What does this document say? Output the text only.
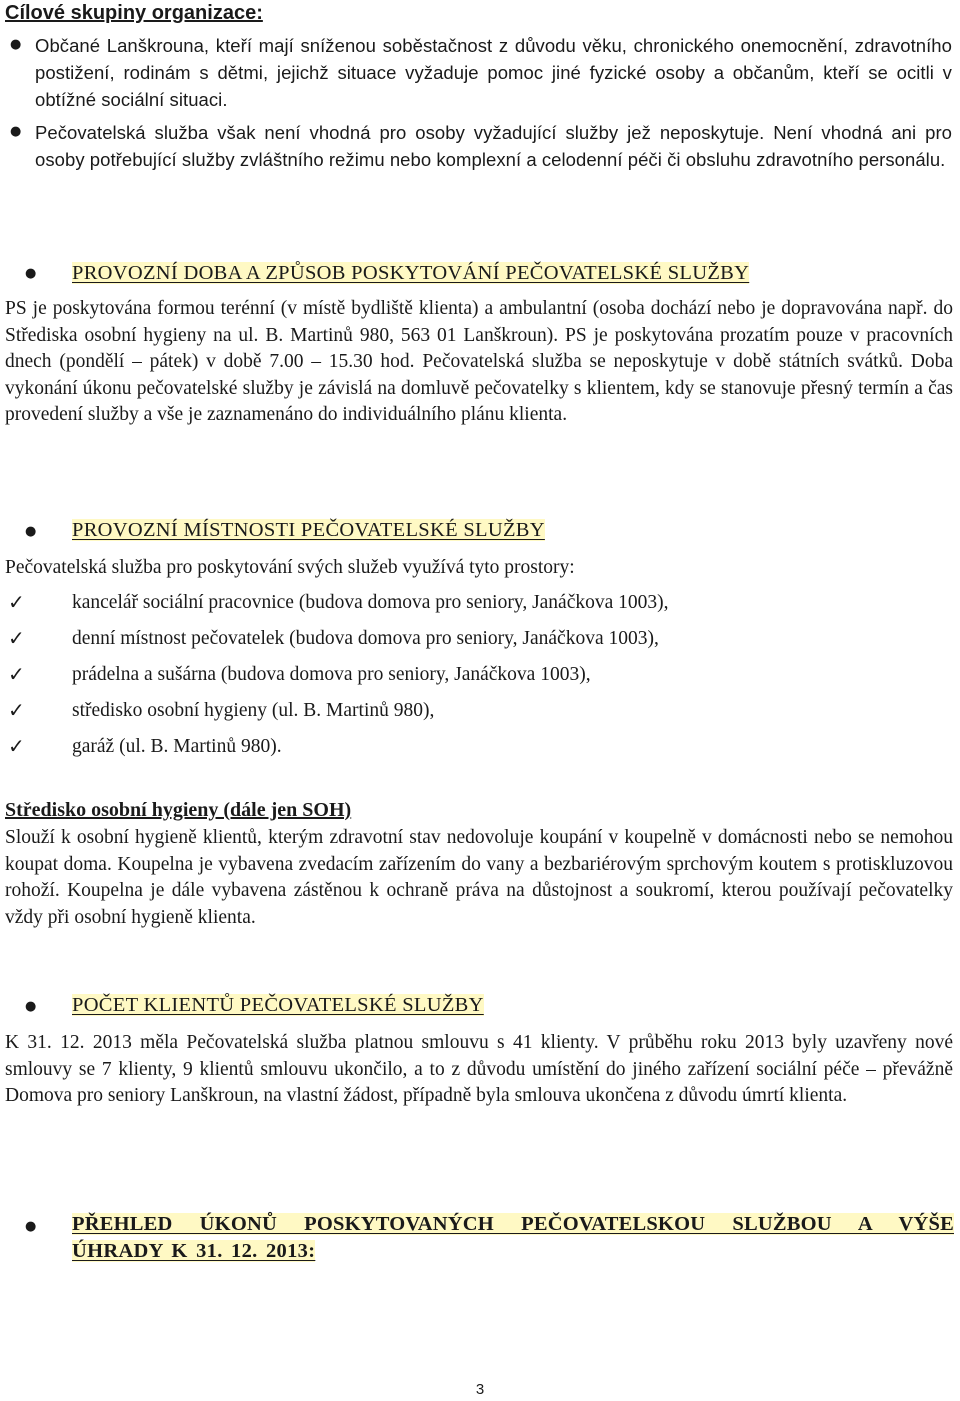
Cílové skupiny organizace:
● Občané Lanškrouna, kteří mají sníženou soběstačnost z důvodu věku, chronického onemocnění, zdravotního postižení, rodinám s dětmi, jejichž situace vyžaduje pomoc jiné fyzické osoby a občanům, kteří se ocitli v obtížné sociální situaci.
● Pečovatelská služba však není vhodná pro osoby vyžadující služby jež neposkytuje. Není vhodná ani pro osoby potřebující služby zvláštního režimu nebo komplexní a celodenní péči či obsluhu zdravotního personálu.
● PROVOZNÍ DOBA A ZPŮSOB POSKYTOVÁNÍ PEČOVATELSKÉ SLUŽBY
PS je poskytována formou terénní (v místě bydliště klienta) a ambulantní (osoba dochází nebo je dopravována např. do Střediska osobní hygieny na ul. B. Martinů 980, 563 01 Lanškroun). PS je poskytována prozatím pouze v pracovních dnech (pondělí – pátek) v době 7.00 – 15.30 hod. Pečovatelská služba se neposkytuje v době státních svátků. Doba vykonání úkonu pečovatelské služby je závislá na domluvě pečovatelky s klientem, kdy se stanovuje přesný termín a čas provedení služby a vše je zaznamenáno do individuálního plánu klienta.
● PROVOZNÍ MÍSTNOSTI PEČOVATELSKÉ SLUŽBY
Pečovatelská služba pro poskytování svých služeb využívá tyto prostory:
✓ kancelář sociální pracovnice (budova domova pro seniory, Janáčkova 1003),
✓ denní místnost pečovatelek (budova domova pro seniory, Janáčkova 1003),
✓ prádelna a sušárna (budova domova pro seniory, Janáčkova 1003),
✓ středisko osobní hygieny (ul. B. Martinů 980),
✓ garáž (ul. B. Martinů 980).
Středisko osobní hygieny (dále jen SOH)
Slouží k osobní hygieně klientů, kterým zdravotní stav nedovoluje koupání v koupelně v domácnosti nebo se nemohou koupat doma. Koupelna je vybavena zvedacím zařízením do vany a bezbariérovým sprchovým koutem s protiskluzovou rohoží. Koupelna je dále vybavena zástěnou k ochraně práva na důstojnost a soukromí, kterou používají pečovatelky vždy při osobní hygieně klienta.
● POČET KLIENTŮ PEČOVATELSKÉ SLUŽBY
K 31. 12. 2013 měla Pečovatelská služba platnou smlouvu s 41 klienty. V průběhu roku 2013 byly uzavřeny nové smlouvy se 7 klienty, 9 klientů smlouvu ukončilo, a to z důvodu umístění do jiného zařízení sociální péče – převážně Domova pro seniory Lanškroun, na vlastní žádost, případně byla smlouva ukončena z důvodu úmrtí klienta.
● PŘEHLED ÚKONŮ POSKYTOVANÝCH PEČOVATELSKOU SLUŽBOU A VÝŠE
ÚHRADY K 31. 12. 2013:
3
